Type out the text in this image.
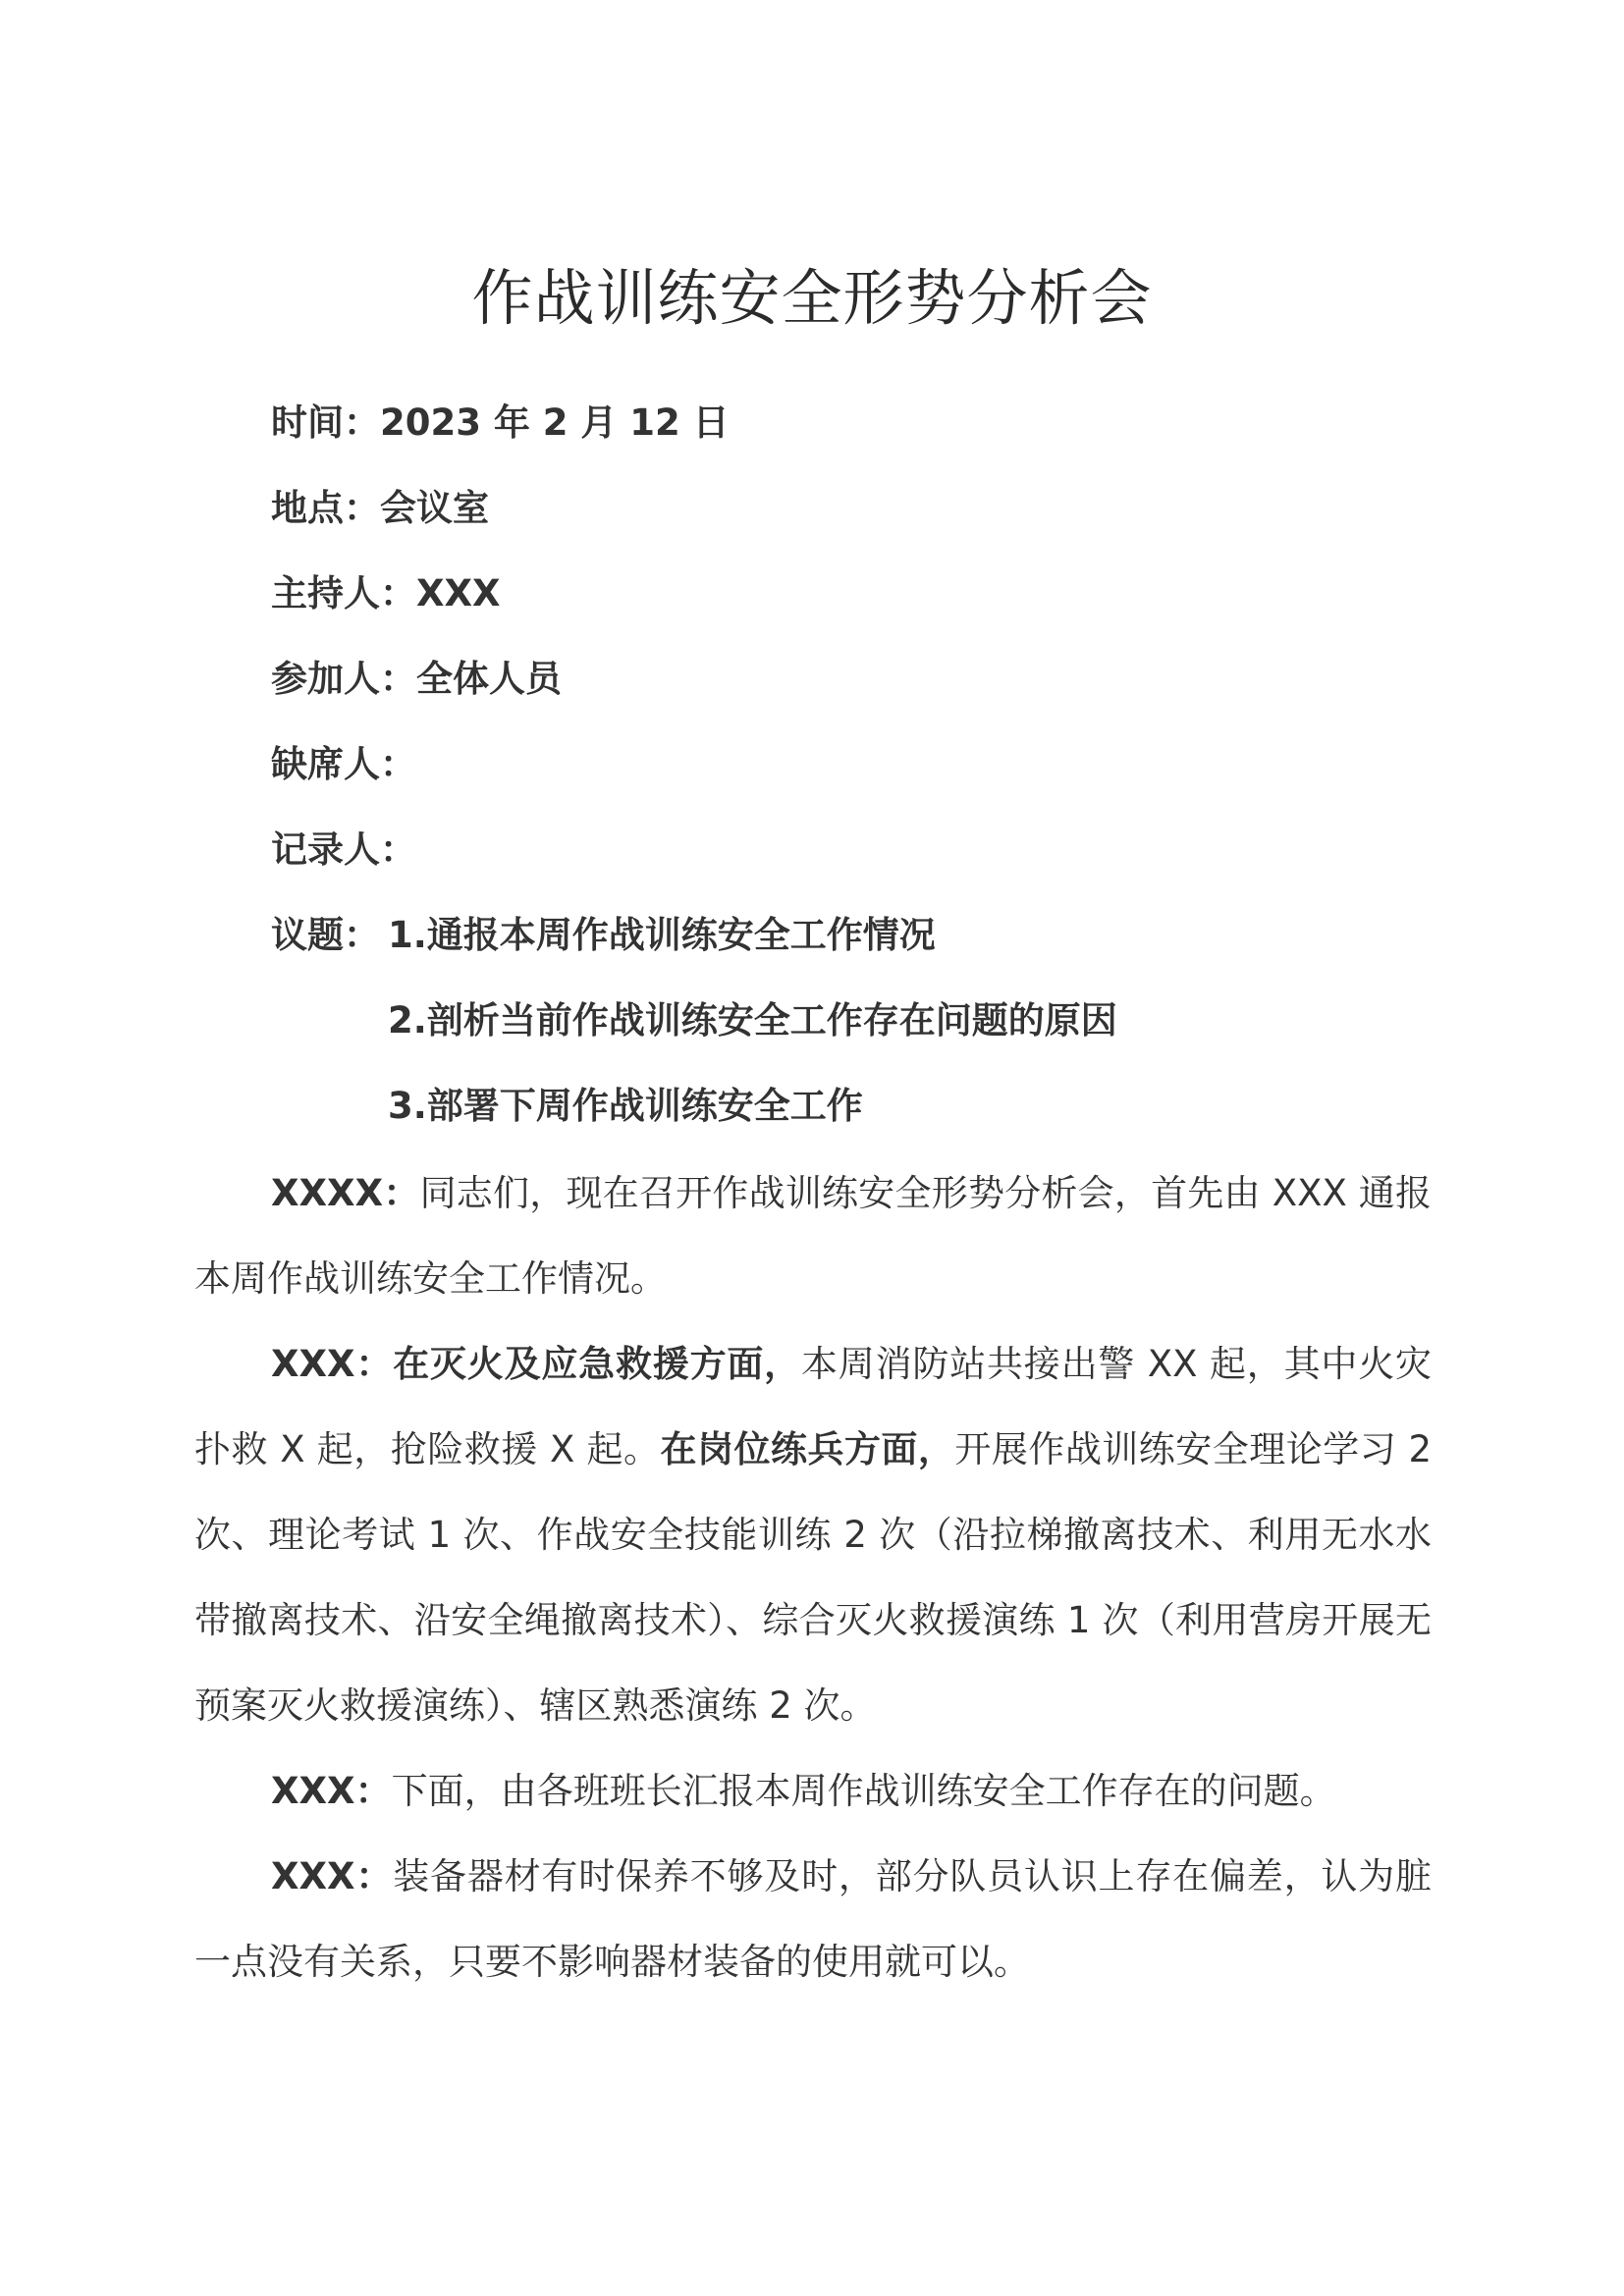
作战训练安全形势分析会
时间：2023 年 2 月 12 日
地点：会议室
主持人：XXX
参加人：全体人员
缺席人：
记录人：
议题： 1.通报本周作战训练安全工作情况
2.剖析当前作战训练安全工作存在问题的原因
3.部署下周作战训练安全工作

XXXX：同志们，现在召开作战训练安全形势分析会，首先由 XXX 通报本周作战训练安全工作情况。

XXX：在灭火及应急救援方面，本周消防站共接出警 XX 起，其中火灾扑救 X 起，抢险救援 X 起。在岗位练兵方面，开展作战训练安全理论学习 2 次、理论考试 1 次、作战安全技能训练 2 次（沿拉梯撤离技术、利用无水水带撤离技术、沿安全绳撤离技术）、综合灭火救援演练 1 次（利用营房开展无预案灭火救援演练）、辖区熟悉演练 2 次。

XXX：下面，由各班班长汇报本周作战训练安全工作存在的问题。

XXX：装备器材有时保养不够及时，部分队员认识上存在偏差，认为脏一点没有关系，只要不影响器材装备的使用就可以。
